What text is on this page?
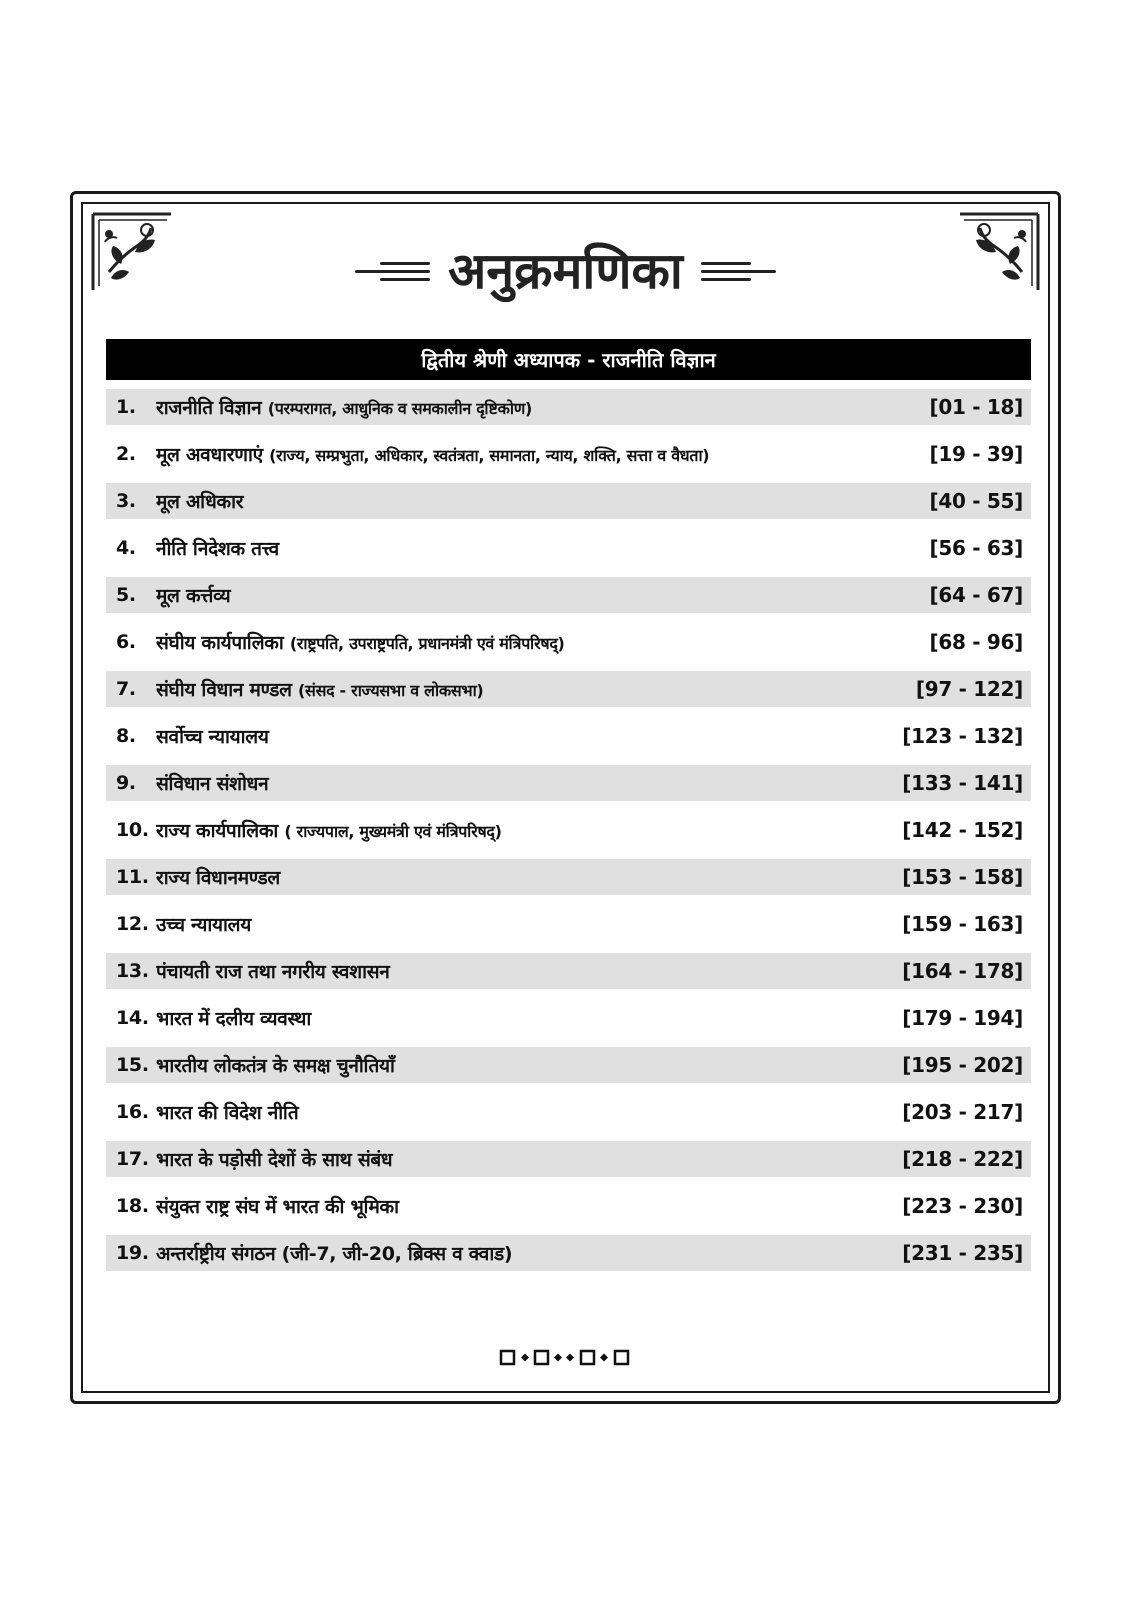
अनुक्रमणिका
द्वितीय श्रेणी अध्यापक - राजनीति विज्ञान
1.	राजनीति विज्ञान (परम्परागत, आधुनिक व समकालीन दृष्टिकोण)	[01 - 18]
2.	मूल अवधारणाएं (राज्य, सम्प्रभुता, अधिकार, स्वतंत्रता, समानता, न्याय, शक्ति, सत्ता व वैधता)	[19 - 39]
3.	मूल अधिकार	[40 - 55]
4.	नीति निदेशक तत्त्व	[56 - 63]
5.	मूल कर्त्तव्य	[64 - 67]
6.	संघीय कार्यपालिका (राष्ट्रपति, उपराष्ट्रपति, प्रधानमंत्री एवं मंत्रिपरिषद्)	[68 - 96]
7.	संघीय विधान मण्डल (संसद - राज्यसभा व लोकसभा)	[97 - 122]
8.	सर्वोच्च न्यायालय	[123 - 132]
9.	संविधान संशोधन	[133 - 141]
10. राज्य कार्यपालिका ( राज्यपाल, मुख्यमंत्री एवं मंत्रिपरिषद्)	[142 - 152]
11. राज्य विधानमण्डल	[153 - 158]
12. उच्च न्यायालय	[159 - 163]
13. पंचायती राज तथा नगरीय स्वशासन	[164 - 178]
14. भारत में दलीय व्यवस्था	[179 - 194]
15. भारतीय लोकतंत्र के समक्ष चुनौतियाँ	[195 - 202]
16. भारत की विदेश नीति	[203 - 217]
17. भारत के पड़ोसी देशों के साथ संबंध	[218 - 222]
18. संयुक्त राष्ट्र संघ में भारत की भूमिका	[223 - 230]
19. अन्तर्राष्ट्रीय संगठन (जी-7, जी-20, ब्रिक्स व क्वाड)	[231 - 235]
